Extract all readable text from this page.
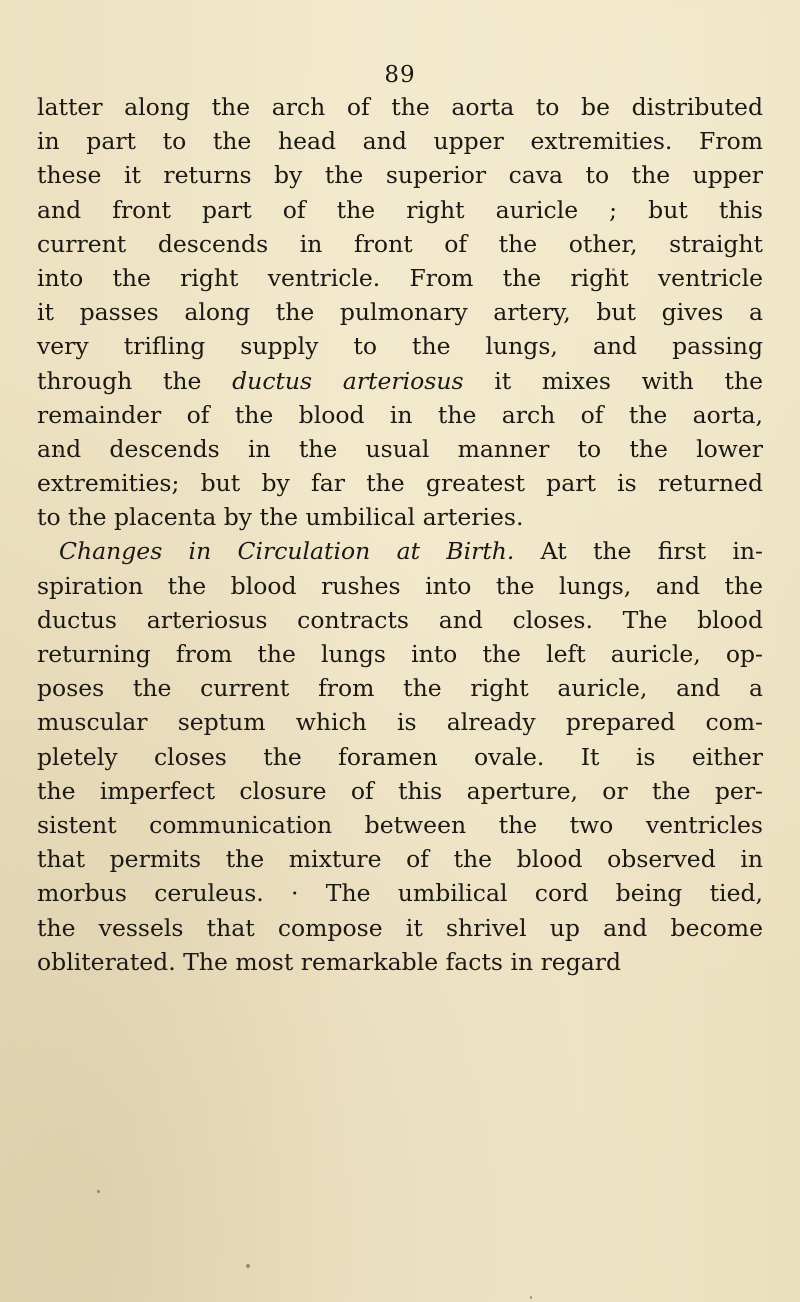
89
latter along the arch of the aorta to be distributed
in part to the head and upper extremities. From
these it returns by the superior cava to the upper
and front part of the right auricle ; but this
current descends in front of the other, straight
into the right ventricle. From the right ventricle
it passes along the pulmonary artery, but gives a
very trifling supply to the lungs, and passing
through the ductus arteriosus it mixes with the
remainder of the blood in the arch of the aorta,
and descends in the usual manner to the lower
extremities; but by far the greatest part is returned
to the placenta by the umbilical arteries.
Changes in Circulation at Birth. At the first in-
spiration the blood rushes into the lungs, and the
ductus arteriosus contracts and closes. The blood
returning from the lungs into the left auricle, op-
poses the current from the right auricle, and a
muscular septum which is already prepared com-
pletely closes the foramen ovale. It is either
the imperfect closure of this aperture, or the per-
sistent communication between the two ventricles
that permits the mixture of the blood observed in
morbus ceruleus. · The umbilical cord being tied,
the vessels that compose it shrivel up and become
obliterated. The most remarkable facts in regard
